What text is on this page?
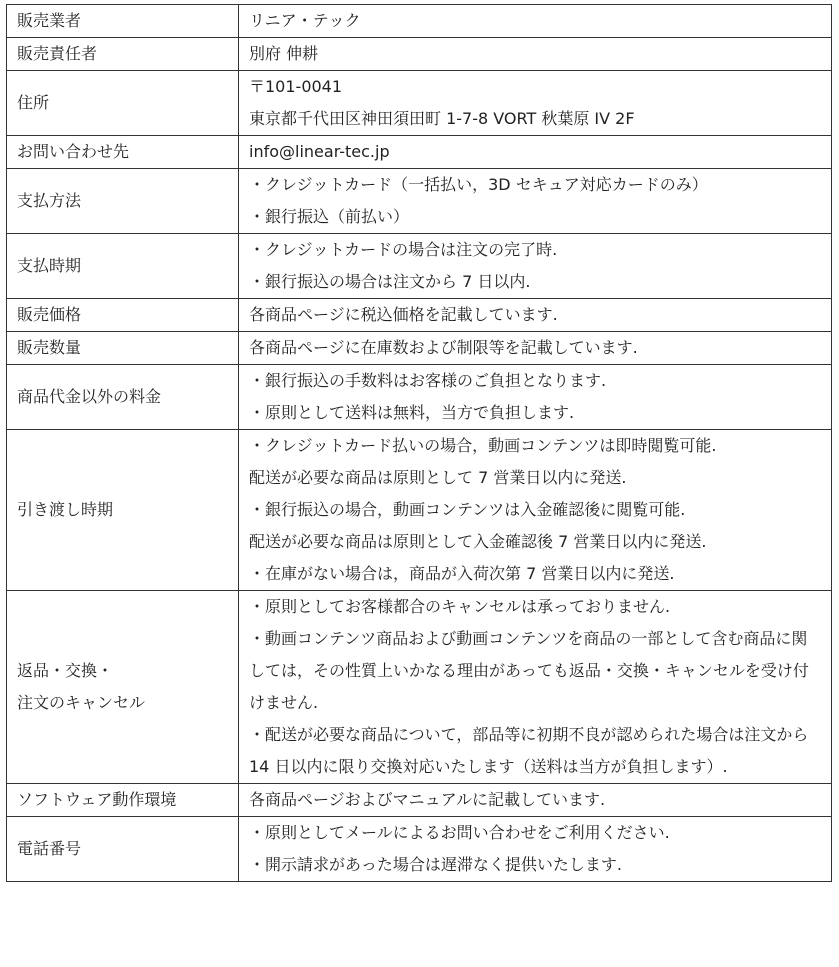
販売業者	リニア・テック

販売責任者	別府 伸耕

住所	〒101-0041
東京都千代田区神田須田町 1-7-8 VORT 秋葉原 IV 2F

お問い合わせ先	info@linear-tec.jp

支払方法	・クレジットカード（一括払い，3D セキュア対応カードのみ）
・銀行振込（前払い）

支払時期	・クレジットカードの場合は注文の完了時.
・銀行振込の場合は注文から 7 日以内.

販売価格	各商品ページに税込価格を記載しています.

販売数量	各商品ページに在庫数および制限等を記載しています.

商品代金以外の料金	・銀行振込の手数料はお客様のご負担となります.
・原則として送料は無料，当方で負担します.

引き渡し時期	・クレジットカード払いの場合，動画コンテンツは即時閲覧可能.
配送が必要な商品は原則として 7 営業日以内に発送.
・銀行振込の場合，動画コンテンツは入金確認後に閲覧可能.
配送が必要な商品は原則として入金確認後 7 営業日以内に発送.
・在庫がない場合は，商品が入荷次第 7 営業日以内に発送.

返品・交換・
注文のキャンセル	・原則としてお客様都合のキャンセルは承っておりません.
・動画コンテンツ商品および動画コンテンツを商品の一部として含む商品に関しては，その性質上いかなる理由があっても返品・交換・キャンセルを受け付けません.
・配送が必要な商品について，部品等に初期不良が認められた場合は注文から 14 日以内に限り交換対応いたします（送料は当方が負担します）.

ソフトウェア動作環境	各商品ページおよびマニュアルに記載しています.

電話番号	・原則としてメールによるお問い合わせをご利用ください.
・開示請求があった場合は遅滞なく提供いたします.
